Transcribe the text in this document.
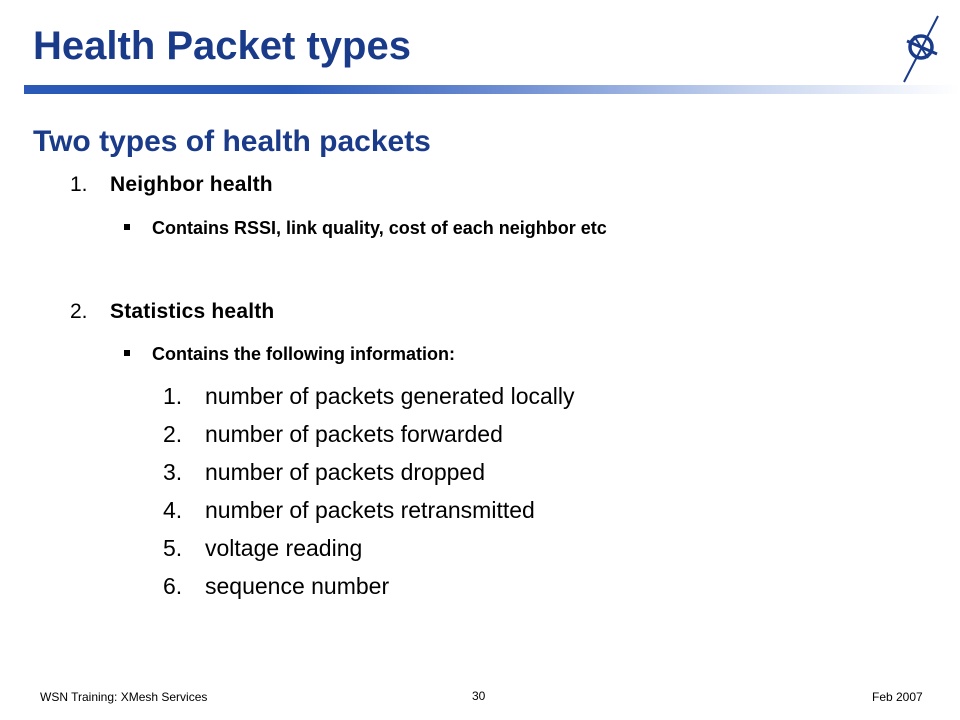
Health Packet types
Two types of health packets
1. Neighbor health
Contains RSSI, link quality, cost of each neighbor etc
2. Statistics health
Contains the following information:
1. number of packets generated locally
2. number of packets forwarded
3. number of packets dropped
4. number of packets retransmitted
5. voltage reading
6. sequence number
WSN Training: XMesh Services	30	Feb 2007
